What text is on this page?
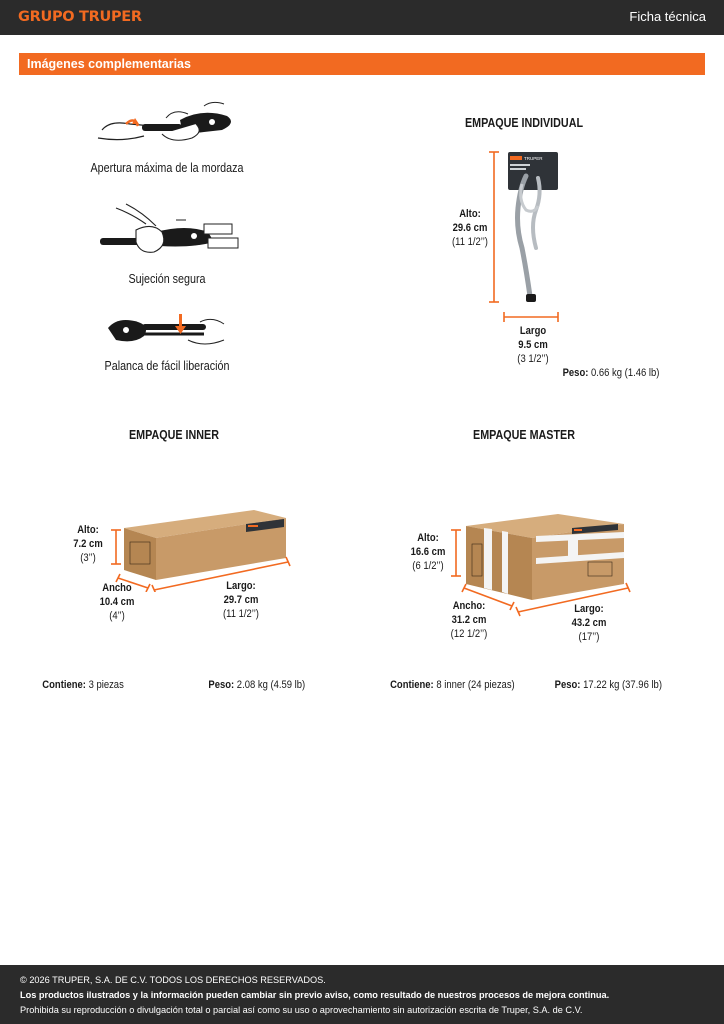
GRUPO TRUPER	Ficha técnica
Imágenes complementarias
Apertura máxima de la mordaza
Sujeción segura
Palanca de fácil liberación
EMPAQUE INDIVIDUAL
TRUPER
Alto:
29.6 cm
(11 1/2’’)
Largo
9.5 cm
(3 1/2’’)
Peso: 0.66 kg (1.46 lb)
EMPAQUE INNER
Alto:
7.2 cm
(3’’)
Ancho
10.4 cm
(4’’)
Largo:
29.7 cm
(11 1/2’’)
Contiene: 3 piezas	Peso: 2.08 kg (4.59 lb)
EMPAQUE MASTER
Alto:
16.6 cm
(6 1/2’’)
Ancho:
31.2 cm
(12 1/2’’)
Largo:
43.2 cm
(17’’)
Contiene: 8 inner (24 piezas)	Peso: 17.22 kg (37.96 lb)
© 2026 TRUPER, S.A. DE C.V. TODOS LOS DERECHOS RESERVADOS.
Los productos ilustrados y la información pueden cambiar sin previo aviso, como resultado de nuestros procesos de mejora continua.
Prohibida su reproducción o divulgación total o parcial así como su uso o aprovechamiento sin autorización escrita de Truper, S.A. de C.V.
